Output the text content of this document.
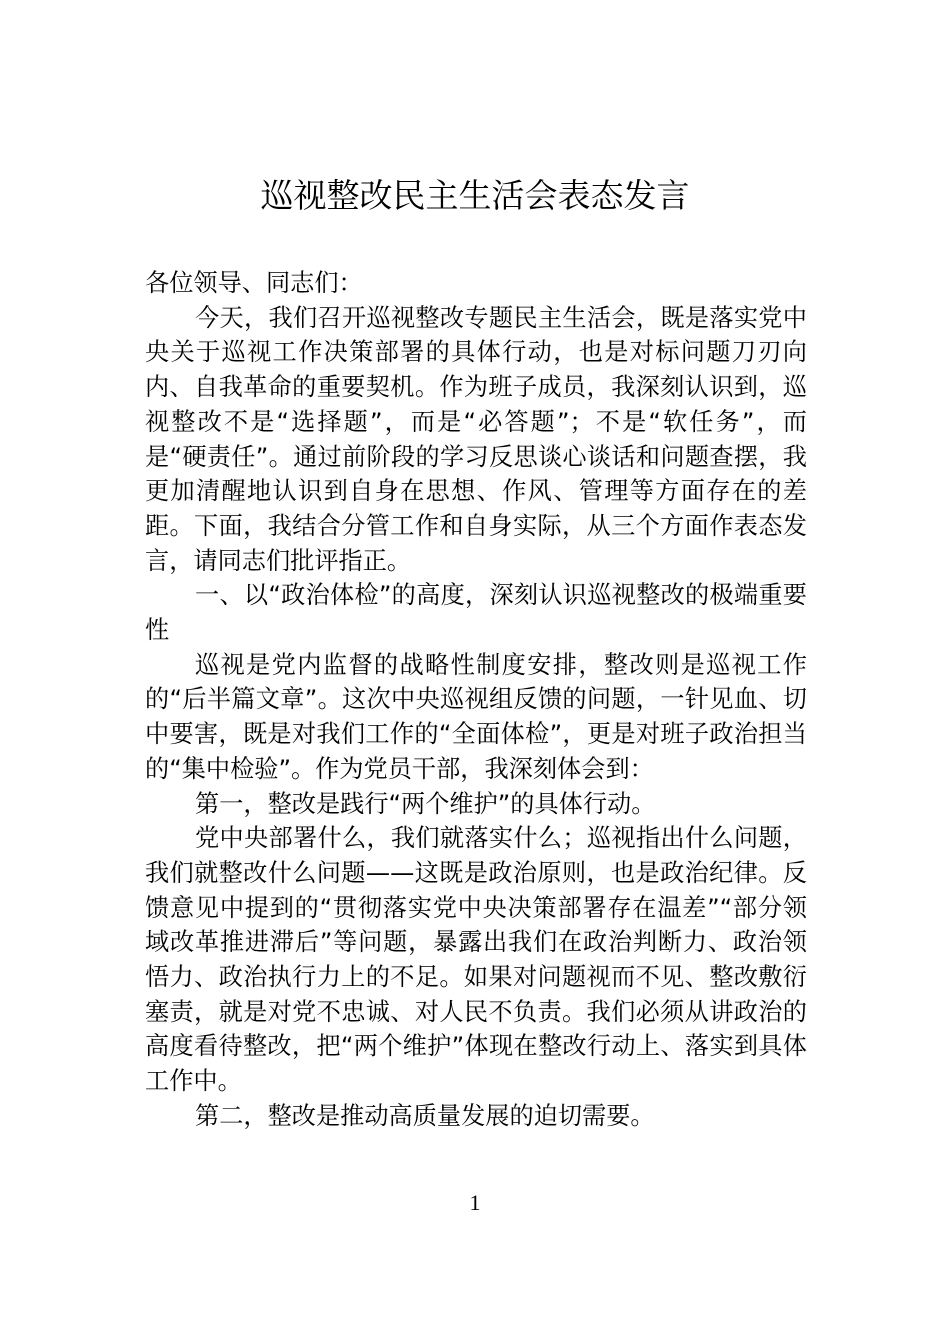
巡视整改民主生活会表态发言

各位领导、同志们：

今天，我们召开巡视整改专题民主生活会，既是落实党中央关于巡视工作决策部署的具体行动，也是对标问题刀刃向内、自我革命的重要契机。作为班子成员，我深刻认识到，巡视整改不是“选择题”，而是“必答题”；不是“软任务”，而是“硬责任”。通过前阶段的学习反思谈心谈话和问题查摆，我更加清醒地认识到自身在思想、作风、管理等方面存在的差距。下面，我结合分管工作和自身实际，从三个方面作表态发言，请同志们批评指正。

一、以“政治体检”的高度，深刻认识巡视整改的极端重要性

巡视是党内监督的战略性制度安排，整改则是巡视工作的“后半篇文章”。这次中央巡视组反馈的问题，一针见血、切中要害，既是对我们工作的“全面体检”，更是对班子政治担当的“集中检验”。作为党员干部，我深刻体会到：

第一，整改是践行“两个维护”的具体行动。

党中央部署什么，我们就落实什么；巡视指出什么问题，我们就整改什么问题——这既是政治原则，也是政治纪律。反馈意见中提到的“贯彻落实党中央决策部署存在温差”“部分领域改革推进滞后”等问题，暴露出我们在政治判断力、政治领悟力、政治执行力上的不足。如果对问题视而不见、整改敷衍塞责，就是对党不忠诚、对人民不负责。我们必须从讲政治的高度看待整改，把“两个维护”体现在整改行动上、落实到具体工作中。

第二，整改是推动高质量发展的迫切需要。

1
